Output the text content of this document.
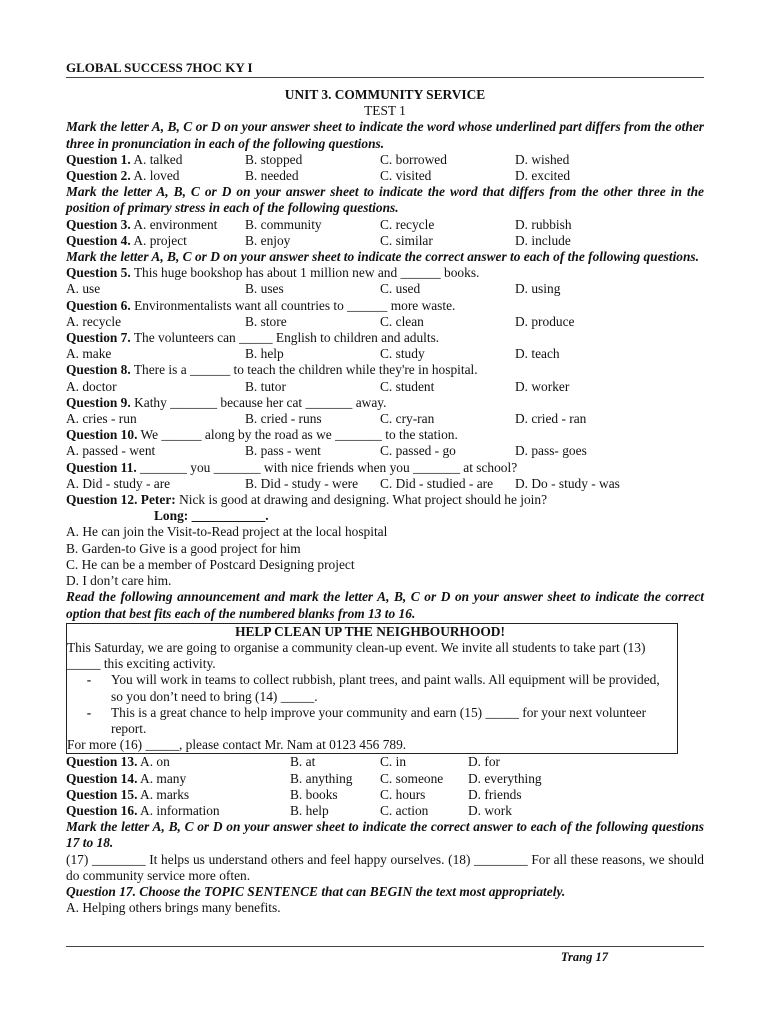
GLOBAL SUCCESS 7HOC KY I
UNIT 3. COMMUNITY SERVICE
TEST 1
Mark the letter A, B, C or D on your answer sheet to indicate the word whose underlined part differs from the other three in pronunciation in each of the following questions.
Question 1. A. talked	B. stopped	C. borrowed	D. wished
Question 2. A. loved	B. needed	C. visited	D. excited
Mark the letter A, B, C or D on your answer sheet to indicate the word that differs from the other three in the position of primary stress in each of the following questions.
Question 3. A. environment	B. community	C. recycle	D. rubbish
Question 4. A. project	B. enjoy	C. similar	D. include
Mark the letter A, B, C or D on your answer sheet to indicate the correct answer to each of the following questions.
Question 5. This huge bookshop has about 1 million new and ______ books.
A. use	B. uses	C. used	D. using
Question 6. Environmentalists want all countries to ______ more waste.
A. recycle	B. store	C. clean	D. produce
Question 7. The volunteers can _____ English to children and adults.
A. make	B. help	C. study	D. teach
Question 8. There is a ______ to teach the children while they're in hospital.
A. doctor	B. tutor	C. student	D. worker
Question 9. Kathy _______ because her cat _______ away.
A. cries - run	B. cried - runs	C. cry-ran	D. cried - ran
Question 10. We ______ along by the road as we _______ to the station.
A. passed - went	B. pass - went	C. passed - go	D. pass- goes
Question 11. _______ you _______ with nice friends when you _______ at school?
A. Did - study - are	B. Did - study - were	C. Did - studied - are	D. Do - study - was
Question 12. Peter: Nick is good at drawing and designing. What project should he join?
Long: ___________.
A. He can join the Visit-to-Read project at the local hospital
B. Garden-to Give is a good project for him
C. He can be a member of Postcard Designing project
D. I don’t care him.
Read the following announcement and mark the letter A, B, C or D on your answer sheet to indicate the correct option that best fits each of the numbered blanks from 13 to 16.
HELP CLEAN UP THE NEIGHBOURHOOD!
This Saturday, we are going to organise a community clean-up event. We invite all students to take part (13) _____ this exciting activity.
-	You will work in teams to collect rubbish, plant trees, and paint walls. All equipment will be provided, so you don’t need to bring (14) _____.
-	This is a great chance to help improve your community and earn (15) _____ for your next volunteer report.
For more (16) _____, please contact Mr. Nam at 0123 456 789.
Question 13. A. on	B. at	C. in	D. for
Question 14. A. many	B. anything	C. someone	D. everything
Question 15. A. marks	B. books	C. hours	D. friends
Question 16. A. information	B. help	C. action	D. work
Mark the letter A, B, C or D on your answer sheet to indicate the correct answer to each of the following questions 17 to 18.
(17) ________ It helps us understand others and feel happy ourselves. (18) ________ For all these reasons, we should do community service more often.
Question 17. Choose the TOPIC SENTENCE that can BEGIN the text most appropriately.
A. Helping others brings many benefits.
Trang 17
